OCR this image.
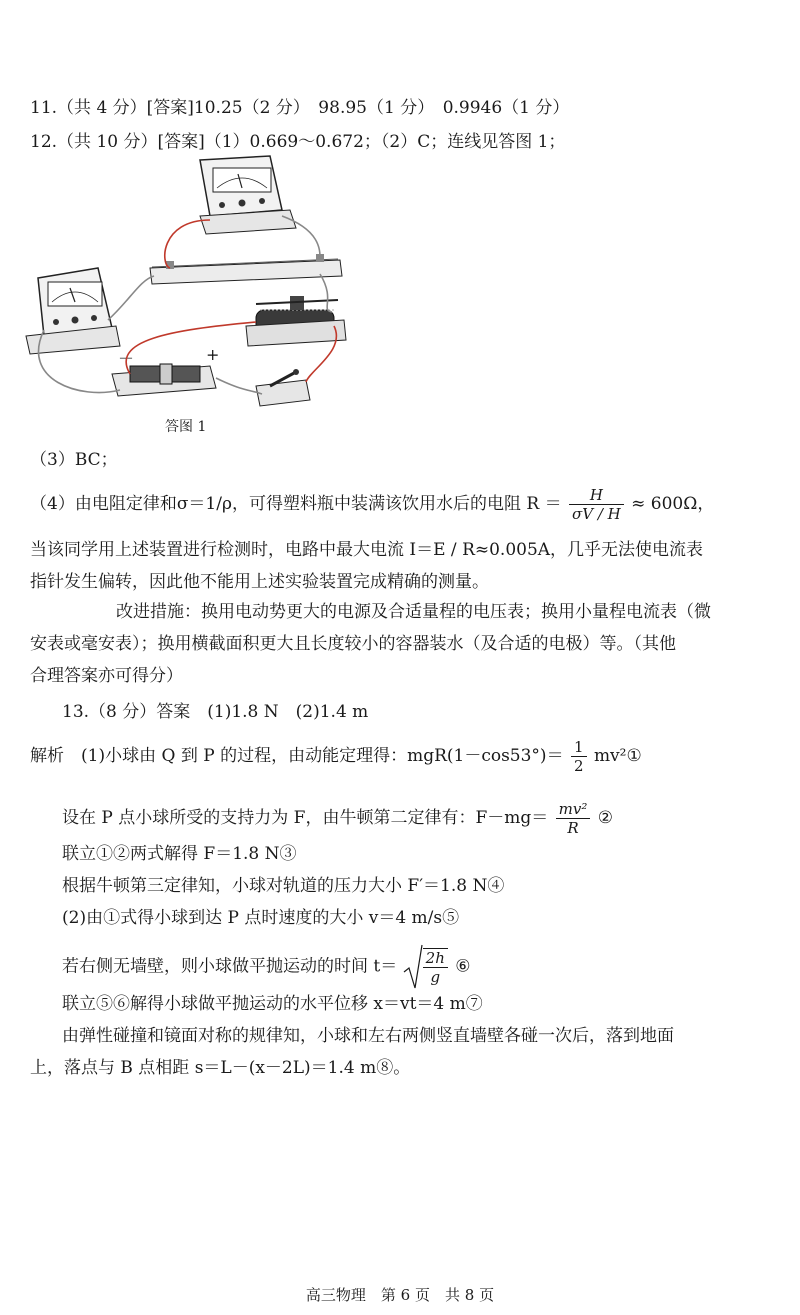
11.（共 4 分）[答案]10.25（2 分）　98.95（1 分）　0.9946（1 分）
12.（共 10 分）[答案]（1）0.669～0.672；（2）C；连线见答图 1；
－	+
答图 1
（3）BC；
（4）由电阻定律和σ＝1/ρ，可得塑料瓶中装满该饮用水后的电阻 $R = \frac{H}{\sigma V / H} \approx 600\Omega$，
当该同学用上述装置进行检测时，电路中最大电流 I＝E / R≈0.005A，几乎无法使电流表
指针发生偏转，因此他不能用上述实验装置完成精确的测量。
改进措施：换用电动势更大的电源及合适量程的电压表；换用小量程电流表（微
安表或毫安表）；换用横截面积更大且长度较小的容器装水（及合适的电极）等。（其他
合理答案亦可得分）
13.（8 分）答案　(1)1.8 N　(2)1.4 m
解析　(1)小球由 Q 到 P 的过程，由动能定理得：$mgR(1-\cos 53^\circ)= \frac{1}{2}$ mv²①
设在 P 点小球所受的支持力为 F，由牛顿第二定律有：$F-mg= \frac{\text{mv²}}{R}$ ②
联立①②两式解得 F＝1.8 N③
根据牛顿第三定律知，小球对轨道的压力大小 F′＝1.8 N④
(2)由①式得小球到达 P 点时速度的大小 v＝4 m/s⑤
若右侧无墙壁，则小球做平抛运动的时间 $t= \frac{2h}{g}$ ⑥
联立⑤⑥解得小球做平抛运动的水平位移 x＝vt＝4 m⑦
由弹性碰撞和镜面对称的规律知，小球和左右两侧竖直墙壁各碰一次后，落到地面
上，落点与 B 点相距 s＝L－(x－2L)＝1.4 m⑧。
高三物理　第 6 页　共 8 页
